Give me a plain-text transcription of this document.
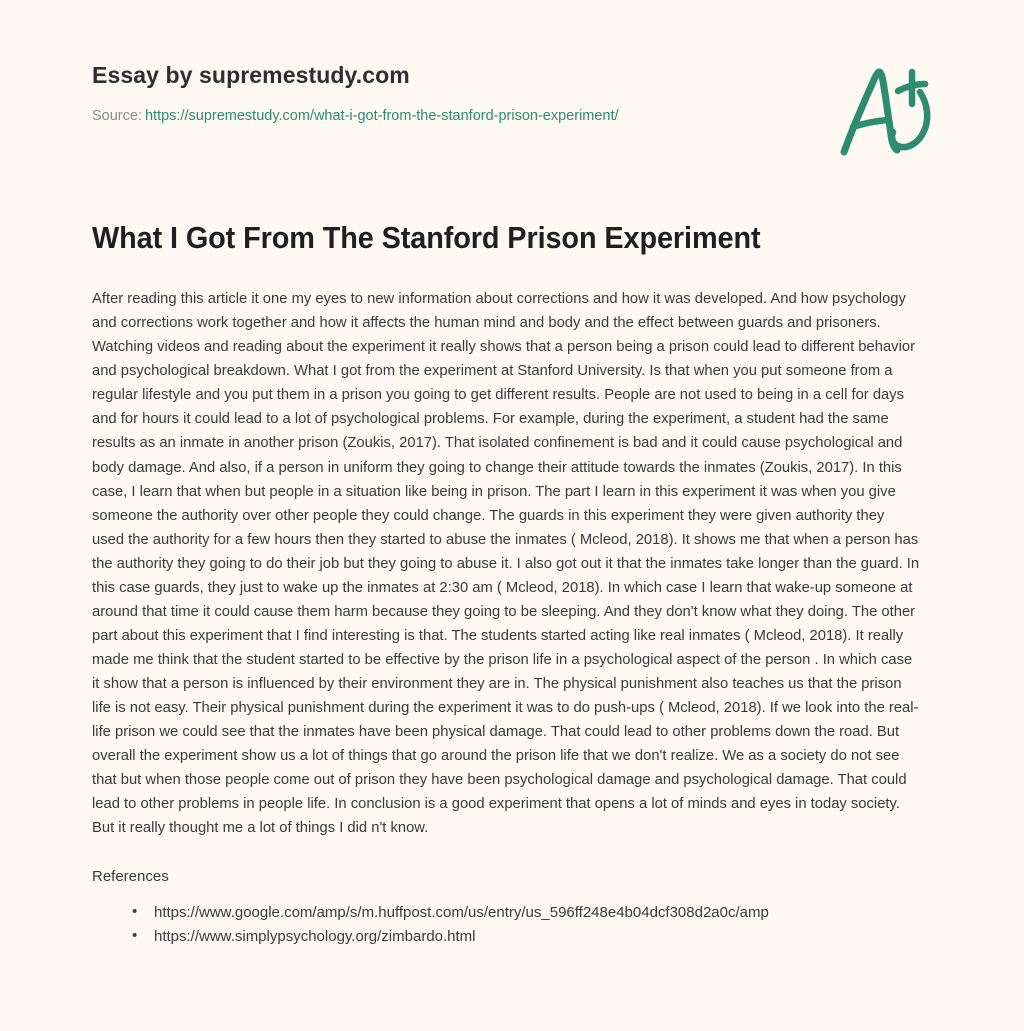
Essay by supremestudy.com
Source: https://supremestudy.com/what-i-got-from-the-stanford-prison-experiment/
What I Got From The Stanford Prison Experiment

After reading this article it one my eyes to new information about corrections and how it was developed. And how psychology and corrections work together and how it affects the human mind and body and the effect between guards and prisoners. Watching videos and reading about the experiment it really shows that a person being a prison could lead to different behavior and psychological breakdown. What I got from the experiment at Stanford University. Is that when you put someone from a regular lifestyle and you put them in a prison you going to get different results. People are not used to being in a cell for days and for hours it could lead to a lot of psychological problems. For example, during the experiment, a student had the same results as an inmate in another prison (Zoukis, 2017). That isolated confinement is bad and it could cause psychological and body damage. And also, if a person in uniform they going to change their attitude towards the inmates (Zoukis, 2017). In this case, I learn that when but people in a situation like being in prison. The part I learn in this experiment it was when you give someone the authority over other people they could change. The guards in this experiment they were given authority they used the authority for a few hours then they started to abuse the inmates ( Mcleod, 2018). It shows me that when a person has the authority they going to do their job but they going to abuse it. I also got out it that the inmates take longer than the guard. In this case guards, they just to wake up the inmates at 2:30 am ( Mcleod, 2018). In which case I learn that wake-up someone at around that time it could cause them harm because they going to be sleeping. And they don't know what they doing. The other part about this experiment that I find interesting is that. The students started acting like real inmates ( Mcleod, 2018). It really made me think that the student started to be effective by the prison life in a psychological aspect of the person . In which case it show that a person is influenced by their environment they are in. The physical punishment also teaches us that the prison life is not easy. Their physical punishment during the experiment it was to do push-ups ( Mcleod, 2018). If we look into the real-life prison we could see that the inmates have been physical damage. That could lead to other problems down the road. But overall the experiment show us a lot of things that go around the prison life that we don't realize. We as a society do not see that but when those people come out of prison they have been psychological damage and psychological damage. That could lead to other problems in people life. In conclusion is a good experiment that opens a lot of minds and eyes in today society. But it really thought me a lot of things I did n't know.

References

• https://www.google.com/amp/s/m.huffpost.com/us/entry/us_596ff248e4b04dcf308d2a0c/amp
• https://www.simplypsychology.org/zimbardo.html
